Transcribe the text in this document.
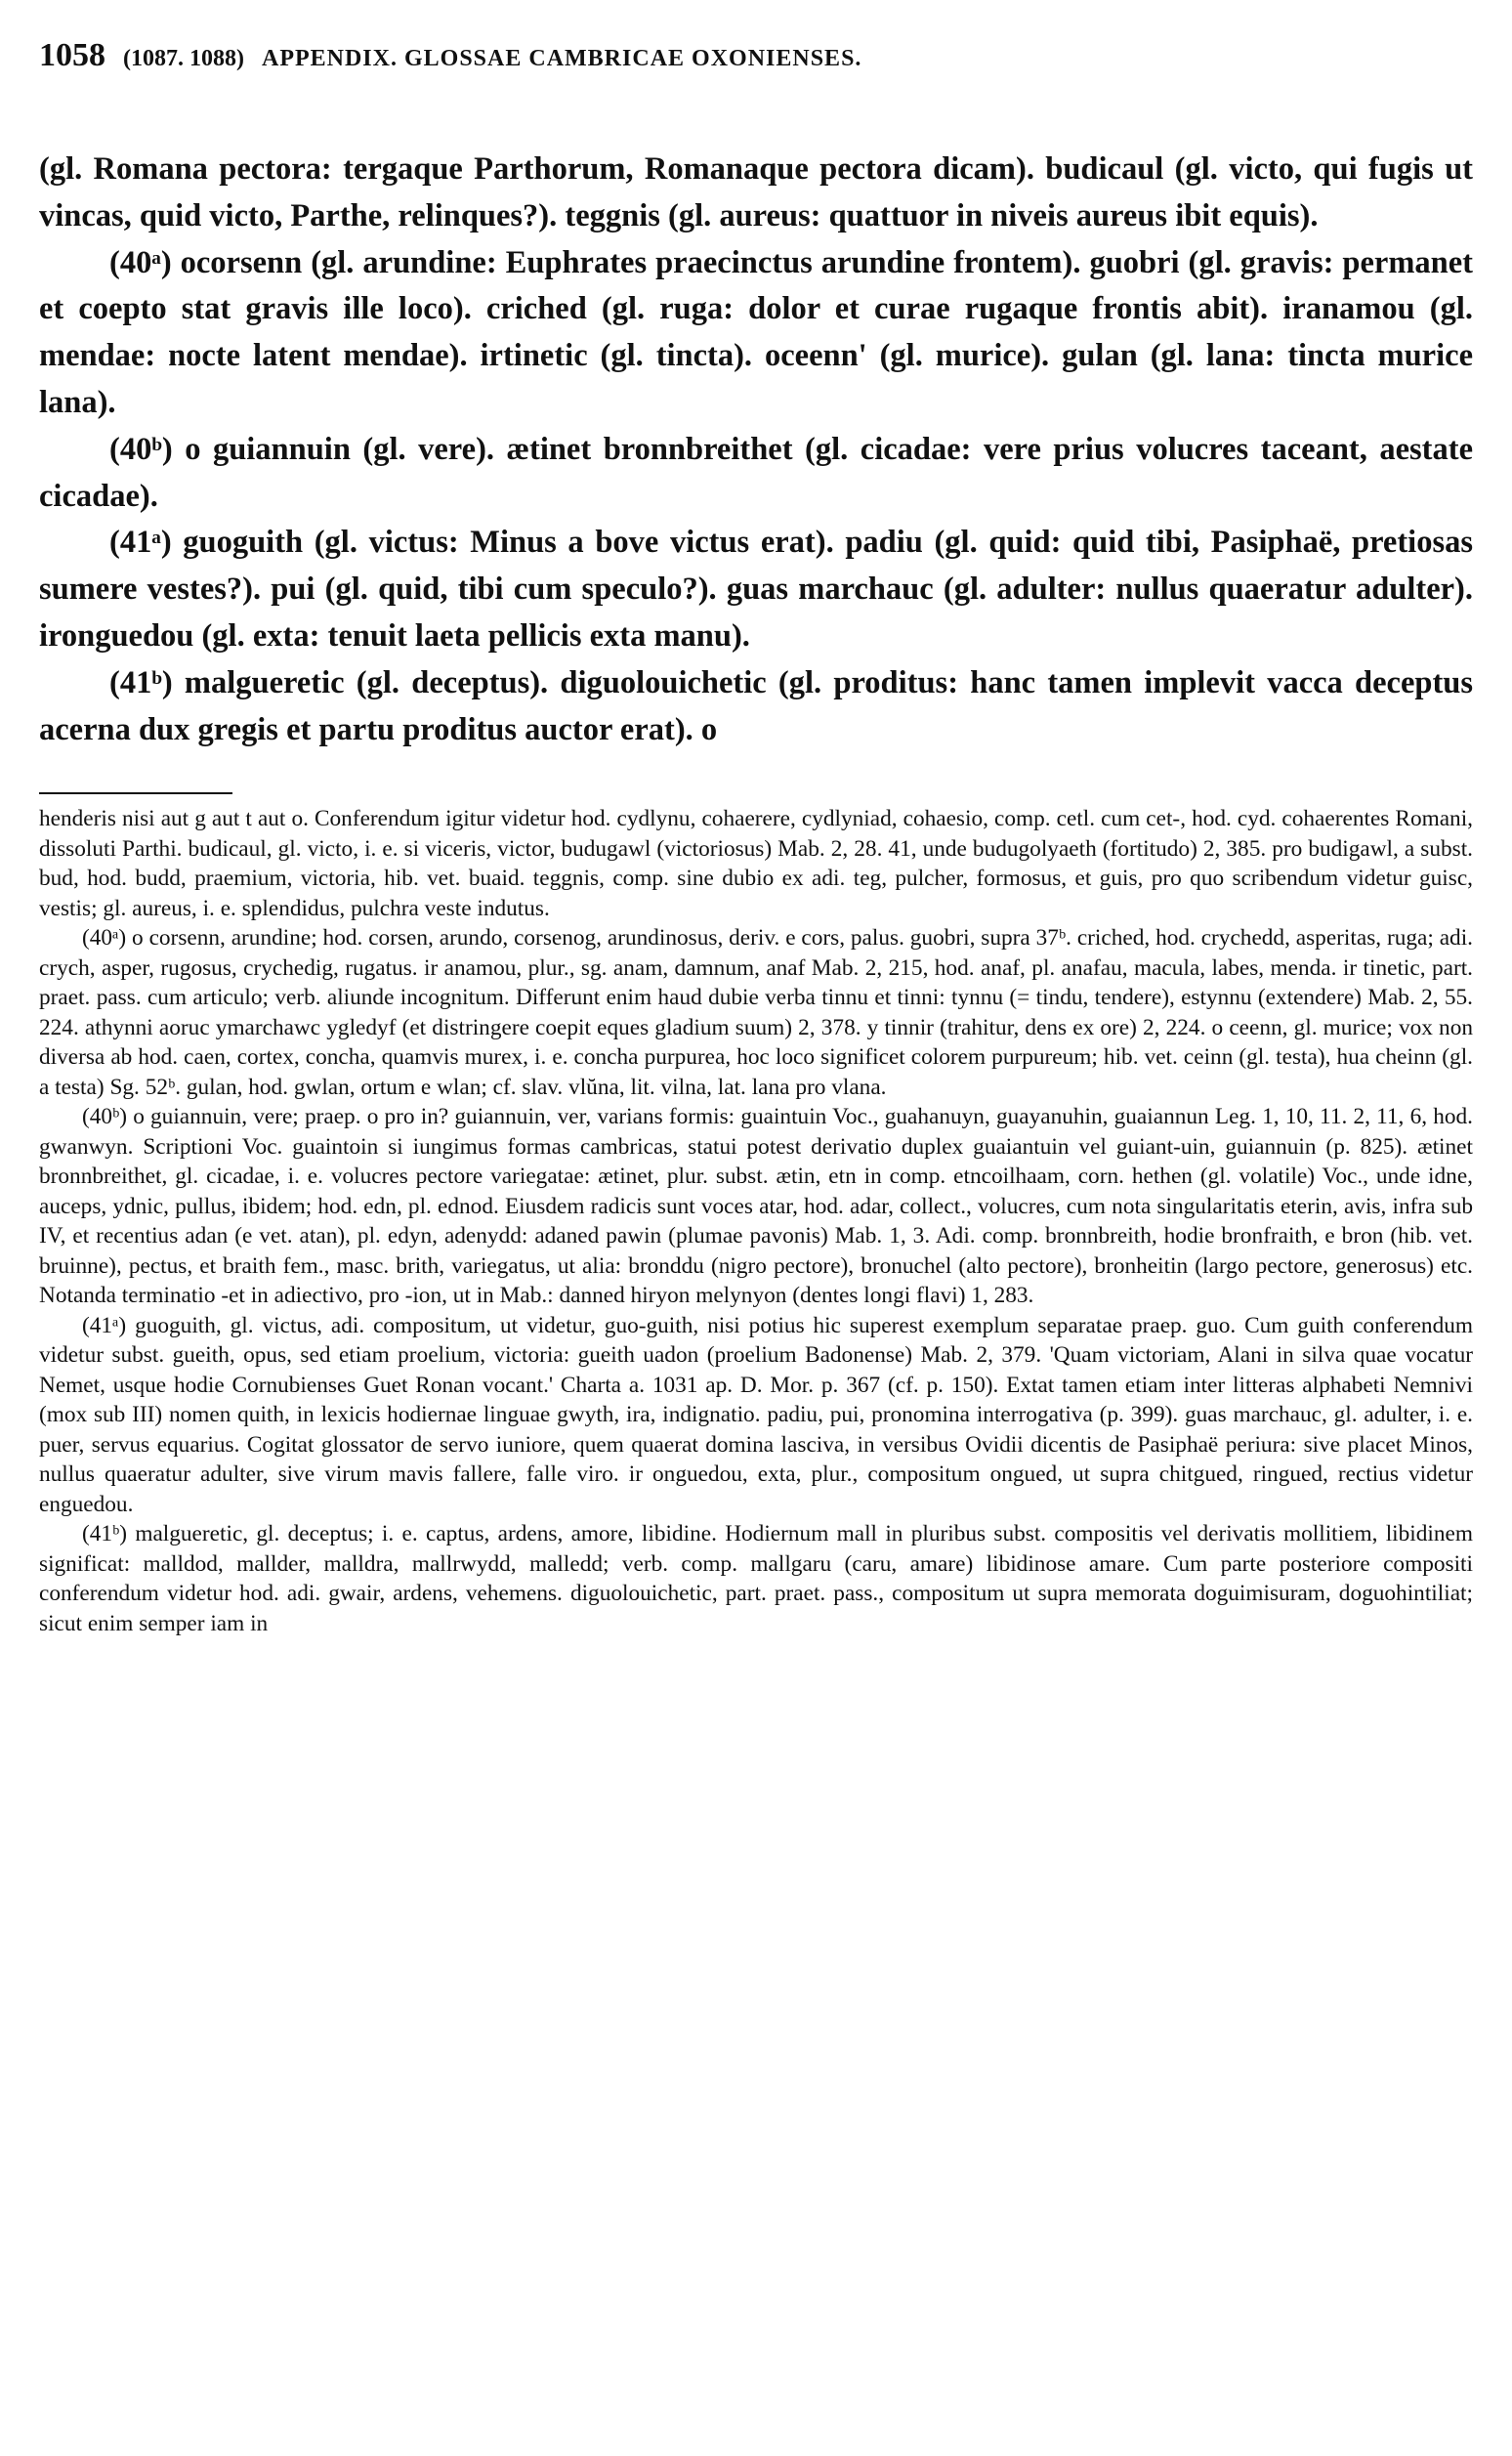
1058 (1087. 1088) APPENDIX. GLOSSAE CAMBRICAE OXONIENSES.

(gl. Romana pectora: tergaque Parthorum, Romanaque pectora dicam). budicaul (gl. victo, qui fugis ut vincas, quid victo, Parthe, relinques?). teggnis (gl. aureus: quattuor in niveis aureus ibit equis).

(40ᵃ) ocorsenn (gl. arundine: Euphrates praecinctus arundine frontem). guobri (gl. gravis: permanet et coepto stat gravis ille loco). criched (gl. ruga: dolor et curae rugaque frontis abit). iranamou (gl. mendae: nocte latent mendae). irtinetic (gl. tincta). oceenn' (gl. murice). gulan (gl. lana: tincta murice lana).

(40ᵇ) o guiannuin (gl. vere). ætinet bronnbreithet (gl. cicadae: vere prius volucres taceant, aestate cicadae).

(41ᵃ) guoguith (gl. victus: Minus a bove victus erat). padiu (gl. quid: quid tibi, Pasiphaë, pretiosas sumere vestes?). pui (gl. quid, tibi cum speculo?). guas marchauc (gl. adulter: nullus quaeratur adulter). ironguedou (gl. exta: tenuit laeta pellicis exta manu).

(41ᵇ) malgueretic (gl. deceptus). diguolouichetic (gl. proditus: hanc tamen implevit vacca deceptus acerna dux gregis et partu proditus auctor erat). o

henderis nisi aut g aut t aut o. Conferendum igitur videtur hod. cydlynu, cohaerere, cydlyniad, cohaesio, comp. cetl. cum cet-, hod. cyd. cohaerentes Romani, dissoluti Parthi. budicaul, gl. victo, i. e. si viceris, victor, budugawl (victoriosus) Mab. 2, 28. 41, unde budugolyaeth (fortitudo) 2, 385. pro budigawl, a subst. bud, hod. budd, praemium, victoria, hib. vet. buaid. teggnis, comp. sine dubio ex adi. teg, pulcher, formosus, et guis, pro quo scribendum videtur guisc, vestis; gl. aureus, i. e. splendidus, pulchra veste indutus.

(40ᵃ) o corsenn, arundine; hod. corsen, arundo, corsenog, arundinosus, deriv. e cors, palus. guobri, supra 37ᵇ. criched, hod. crychedd, asperitas, ruga; adi. crych, asper, rugosus, crychedig, rugatus. ir anamou, plur., sg. anam, damnum, anaf Mab. 2, 215, hod. anaf, pl. anafau, macula, labes, menda. ir tinetic, part. praet. pass. cum articulo; verb. aliunde incognitum. Differunt enim haud dubie verba tinnu et tinni: tynnu (= tindu, tendere), estynnu (extendere) Mab. 2, 55. 224. athynni aoruc ymarchawc ygledyf (et distringere coepit eques gladium suum) 2, 378. y tinnir (trahitur, dens ex ore) 2, 224. o ceenn, gl. murice; vox non diversa ab hod. caen, cortex, concha, quamvis murex, i. e. concha purpurea, hoc loco significet colorem purpureum; hib. vet. ceinn (gl. testa), hua cheinn (gl. a testa) Sg. 52ᵇ. gulan, hod. gwlan, ortum e wlan; cf. slav. vlŭna, lit. vilna, lat. lana pro vlana.

(40ᵇ) o guiannuin, vere; praep. o pro in? guiannuin, ver, varians formis: guaintuin Voc., guahanuyn, guayanuhin, guaiannun Leg. 1, 10, 11. 2, 11, 6, hod. gwanwyn. Scriptioni Voc. guaintoin si iungimus formas cambricas, statui potest derivatio duplex guaiantuin vel guiant-uin, guiannuin (p. 825). ætinet bronnbreithet, gl. cicadae, i. e. volucres pectore variegatae: ætinet, plur. subst. ætin, etn in comp. etncoilhaam, corn. hethen (gl. volatile) Voc., unde idne, auceps, ydnic, pullus, ibidem; hod. edn, pl. ednod. Eiusdem radicis sunt voces atar, hod. adar, collect., volucres, cum nota singularitatis eterin, avis, infra sub IV, et recentius adan (e vet. atan), pl. edyn, adenydd: adaned pawin (plumae pavonis) Mab. 1, 3. Adi. comp. bronnbreith, hodie bronfraith, e bron (hib. vet. bruinne), pectus, et braith fem., masc. brith, variegatus, ut alia: bronddu (nigro pectore), bronuchel (alto pectore), bronheitin (largo pectore, generosus) etc. Notanda terminatio -et in adiectivo, pro -ion, ut in Mab.: danned hiryon melynyon (dentes longi flavi) 1, 283.

(41ᵃ) guoguith, gl. victus, adi. compositum, ut videtur, guo-guith, nisi potius hic superest exemplum separatae praep. guo. Cum guith conferendum videtur subst. gueith, opus, sed etiam proelium, victoria: gueith uadon (proelium Badonense) Mab. 2, 379. 'Quam victoriam, Alani in silva quae vocatur Nemet, usque hodie Cornubienses Guet Ronan vocant.' Charta a. 1031 ap. D. Mor. p. 367 (cf. p. 150). Extat tamen etiam inter litteras alphabeti Nemnivi (mox sub III) nomen quith, in lexicis hodiernae linguae gwyth, ira, indignatio. padiu, pui, pronomina interrogativa (p. 399). guas marchauc, gl. adulter, i. e. puer, servus equarius. Cogitat glossator de servo iuniore, quem quaerat domina lasciva, in versibus Ovidii dicentis de Pasiphaë periura: sive placet Minos, nullus quaeratur adulter, sive virum mavis fallere, falle viro. ir onguedou, exta, plur., compositum ongued, ut supra chitgued, ringued, rectius videtur enguedou.

(41ᵇ) malgueretic, gl. deceptus; i. e. captus, ardens, amore, libidine. Hodiernum mall in pluribus subst. compositis vel derivatis mollitiem, libidinem significat: malldod, mallder, malldra, mallrwydd, malledd; verb. comp. mallgaru (caru, amare) libidinose amare. Cum parte posteriore compositi conferendum videtur hod. adi. gwair, ardens, vehemens. diguolouichetic, part. praet. pass., compositum ut supra memorata doguimisuram, doguohintiliat; sicut enim semper iam in
